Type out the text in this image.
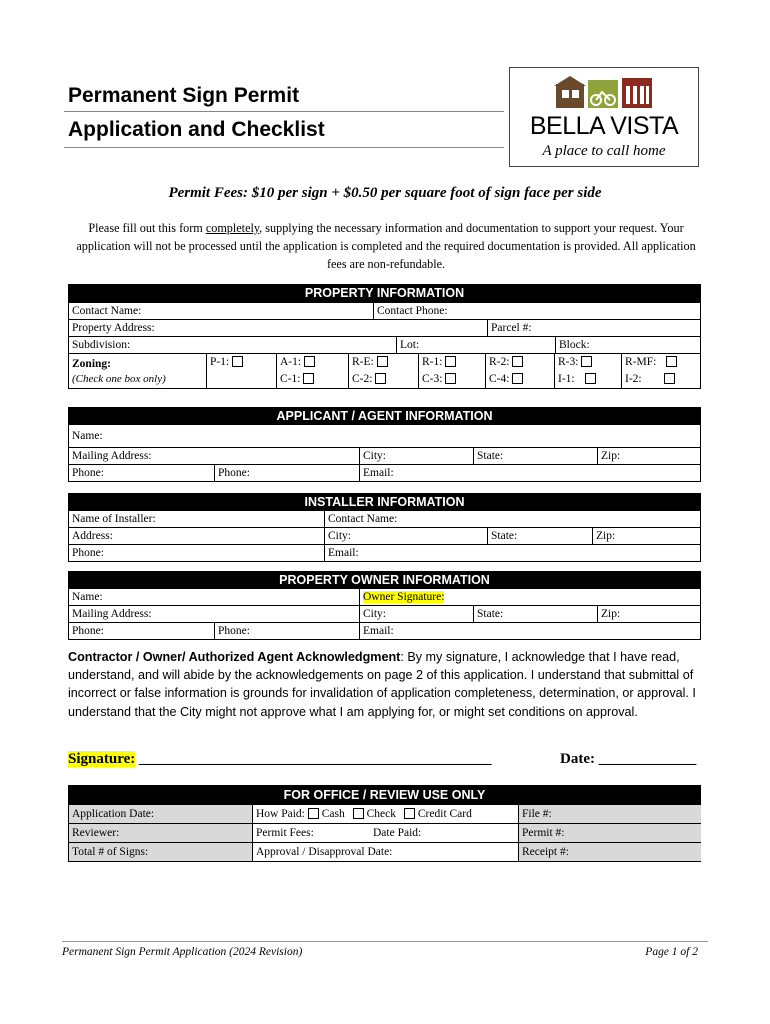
Permanent Sign Permit
Application and Checklist	BELLA VISTA
A place to call home
Permit Fees: $10 per sign + $0.50 per square foot of sign face per side
Please fill out this form completely, supplying the necessary information and documentation to support your request. Your application will not be processed until the application is completed and the required documentation is provided. All application fees are non-refundable.
PROPERTY INFORMATION
Contact Name:	Contact Phone:
Property Address:	Parcel #:
Subdivision:	Lot:	Block:
Zoning:
(Check one box only)
P-1:	A-1:	R-E:	R-1:	R-2:	R-3:	R-MF:
C-1:	C-2:	C-3:	C-4:	I-1:	I-2:
APPLICANT / AGENT INFORMATION
Name:
Mailing Address:	City:	State:	Zip:
Phone:	Phone:	Email:
INSTALLER INFORMATION
Name of Installer:	Contact Name:
Address:	City:	State:	Zip:
Phone:	Email:
PROPERTY OWNER INFORMATION
Name:	Owner Signature:
Mailing Address:	City:	State:	Zip:
Phone:	Phone:	Email:
Contractor / Owner/ Authorized Agent Acknowledgment: By my signature, I acknowledge that I have read, understand, and will abide by the acknowledgements on page 2 of this application. I understand that submittal of incorrect or false information is grounds for invalidation of application completeness, determination, or approval. I understand that the City might not approve what I am applying for, or might set conditions on approval.
Signature: _______________________________________________	Date: _____________
FOR OFFICE / REVIEW USE ONLY
Application Date:	How Paid: Cash Check Credit Card	File #:
Reviewer:	Permit Fees:	Date Paid:	Permit #:
Total # of Signs:	Approval / Disapproval Date:	Receipt #:
Permanent Sign Permit Application (2024 Revision)	Page 1 of 2
